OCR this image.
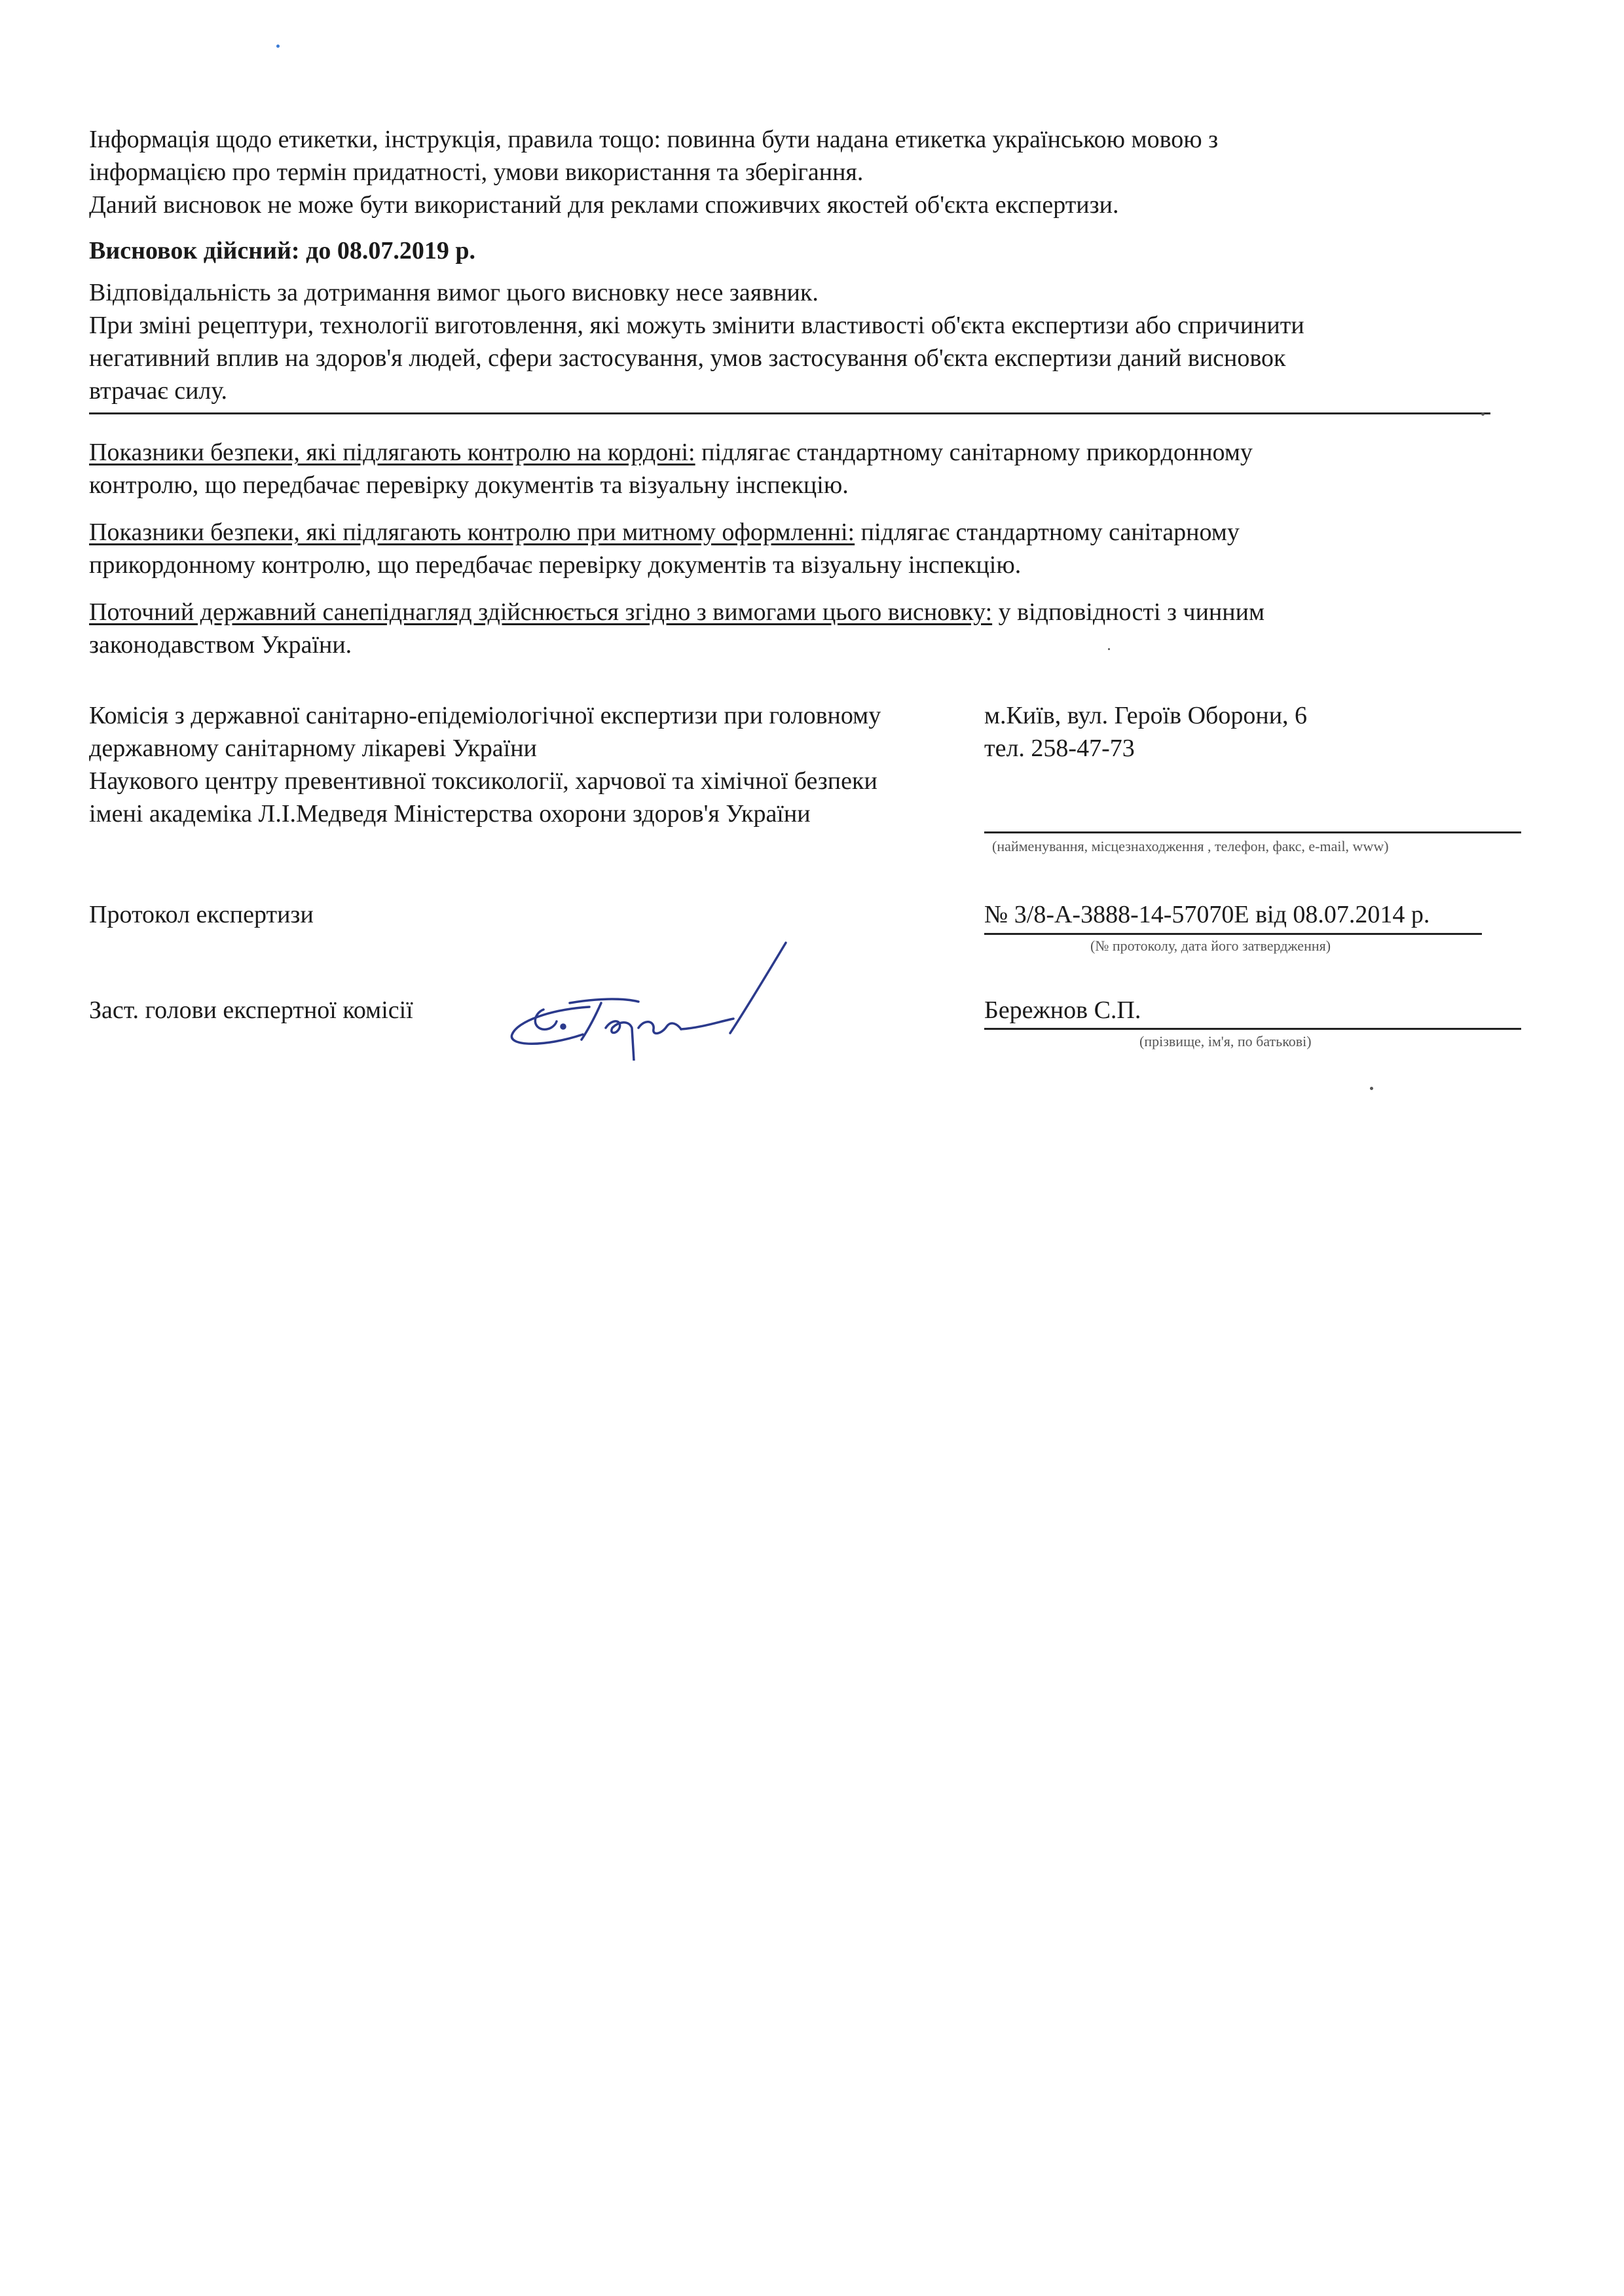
Інформація щодо етикетки, інструкція, правила тощо: повинна бути надана етикетка українською мовою з

інформацією про термін придатності, умови використання та зберігання.

Даний висновок не може бути використаний для реклами споживчих якостей об'єкта експертизи.

Висновок дійсний: до 08.07.2019 р.

Відповідальність за дотримання вимог цього висновку несе заявник.

При зміні рецептури, технології виготовлення, які можуть змінити властивості об'єкта експертизи або спричинити

негативний вплив на здоров'я людей, сфери застосування, умов застосування об'єкта експертизи даний висновок

втрачає силу.

Показники безпеки, які підлягають контролю на кордоні: підлягає стандартному санітарному прикордонному

контролю, що передбачає перевірку документів та візуальну інспекцію.

Показники безпеки, які підлягають контролю при митному оформленні: підлягає стандартному санітарному

прикордонному контролю, що передбачає перевірку документів та візуальну інспекцію.

Поточний державний санепіднагляд здійснюється згідно з вимогами цього висновку: у відповідності з чинним

законодавством України.

Комісія з державної санітарно-епідеміологічної експертизи при головному

державному санітарному лікареві України

Наукового центру превентивної токсикології, харчової та хімічної безпеки

імені академіка Л.І.Медведя Міністерства охорони здоров'я України

м.Київ, вул. Героїв Оборони, 6

тел. 258-47-73

(найменування, місцезнаходження , телефон, факс, e-mail, www)
Протокол експертизи	№ 3/8-А-3888-14-57070Е від 08.07.2014 р.
(№ протоколу, дата його затвердження)
Заст. голови експертної комісії	Бережнов С.П.
(прізвище, ім'я, по батькові)
